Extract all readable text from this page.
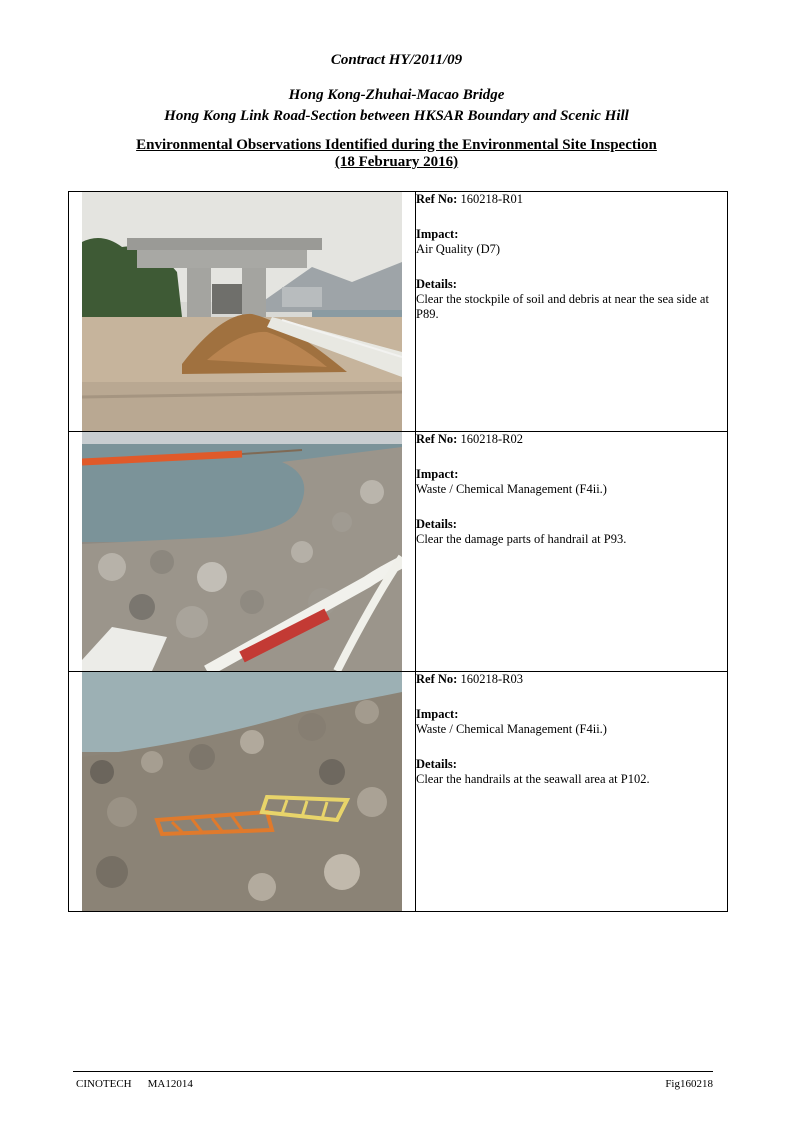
Contract HY/2011/09
Hong Kong-Zhuhai-Macao Bridge
Hong Kong Link Road-Section between HKSAR Boundary and Scenic Hill
Environmental Observations Identified during the Environmental Site Inspection
(18 February 2016)

Ref No: 160218-R01
Impact:
Air Quality (D7)
Details:
Clear the stockpile of soil and debris at near the sea side at P89.

Ref No: 160218-R02
Impact:
Waste / Chemical Management (F4ii.)
Details:
Clear the damage parts of handrail at P93.

Ref No: 160218-R03
Impact:
Waste / Chemical Management (F4ii.)
Details:
Clear the handrails at the seawall area at P102.
CINOTECH MA12014	Fig160218
